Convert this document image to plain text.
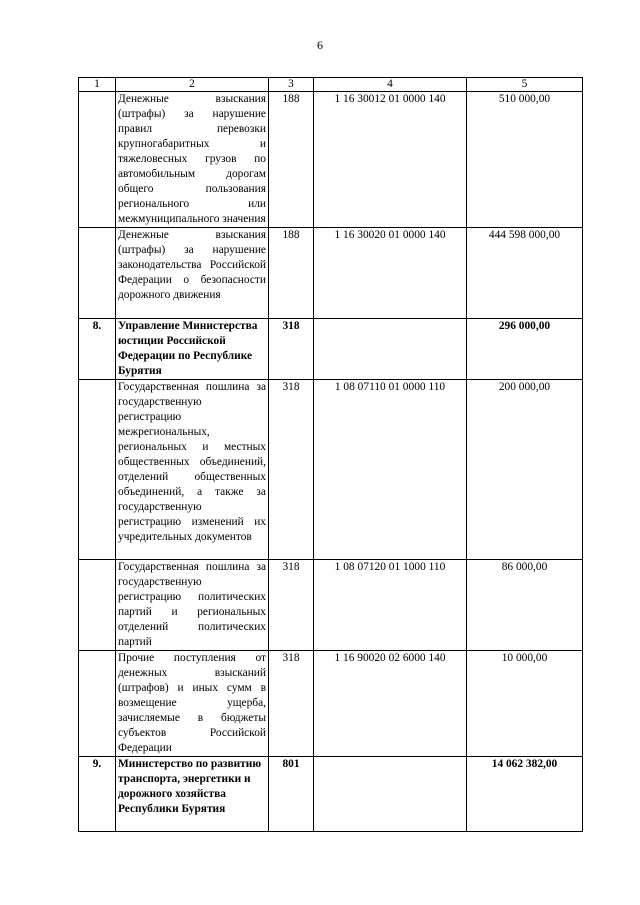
6
1	2	3	4	5
	Денежные взыскания (штрафы) за нарушение правил перевозки крупногабаритных и тяжеловесных грузов по автомобильным дорогам общего пользования регионального или межмуниципального значения	188	1 16 30012 01 0000 140	510 000,00
	Денежные взыскания (штрафы) за нарушение законодательства Российской Федерации о безопасности дорожного движения	188	1 16 30020 01 0000 140	444 598 000,00
8.	Управление Министерства юстиции Российской Федерации по Республике Бурятия	318		296 000,00
	Государственная пошлина за государственную регистрацию межрегиональных, региональных и местных общественных объединений, отделений общественных объединений, а также за государственную регистрацию изменений их учредительных документов	318	1 08 07110 01 0000 110	200 000,00
	Государственная пошлина за государственную регистрацию политических партий и региональных отделений политических партий	318	1 08 07120 01 1000 110	86 000,00
	Прочие поступления от денежных взысканий (штрафов) и иных сумм в возмещение ущерба, зачисляемые в бюджеты субъектов Российской Федерации	318	1 16 90020 02 6000 140	10 000,00
9.	Министерство по развитию транспорта, энергетики и дорожного хозяйства Республики Бурятия	801		14 062 382,00
